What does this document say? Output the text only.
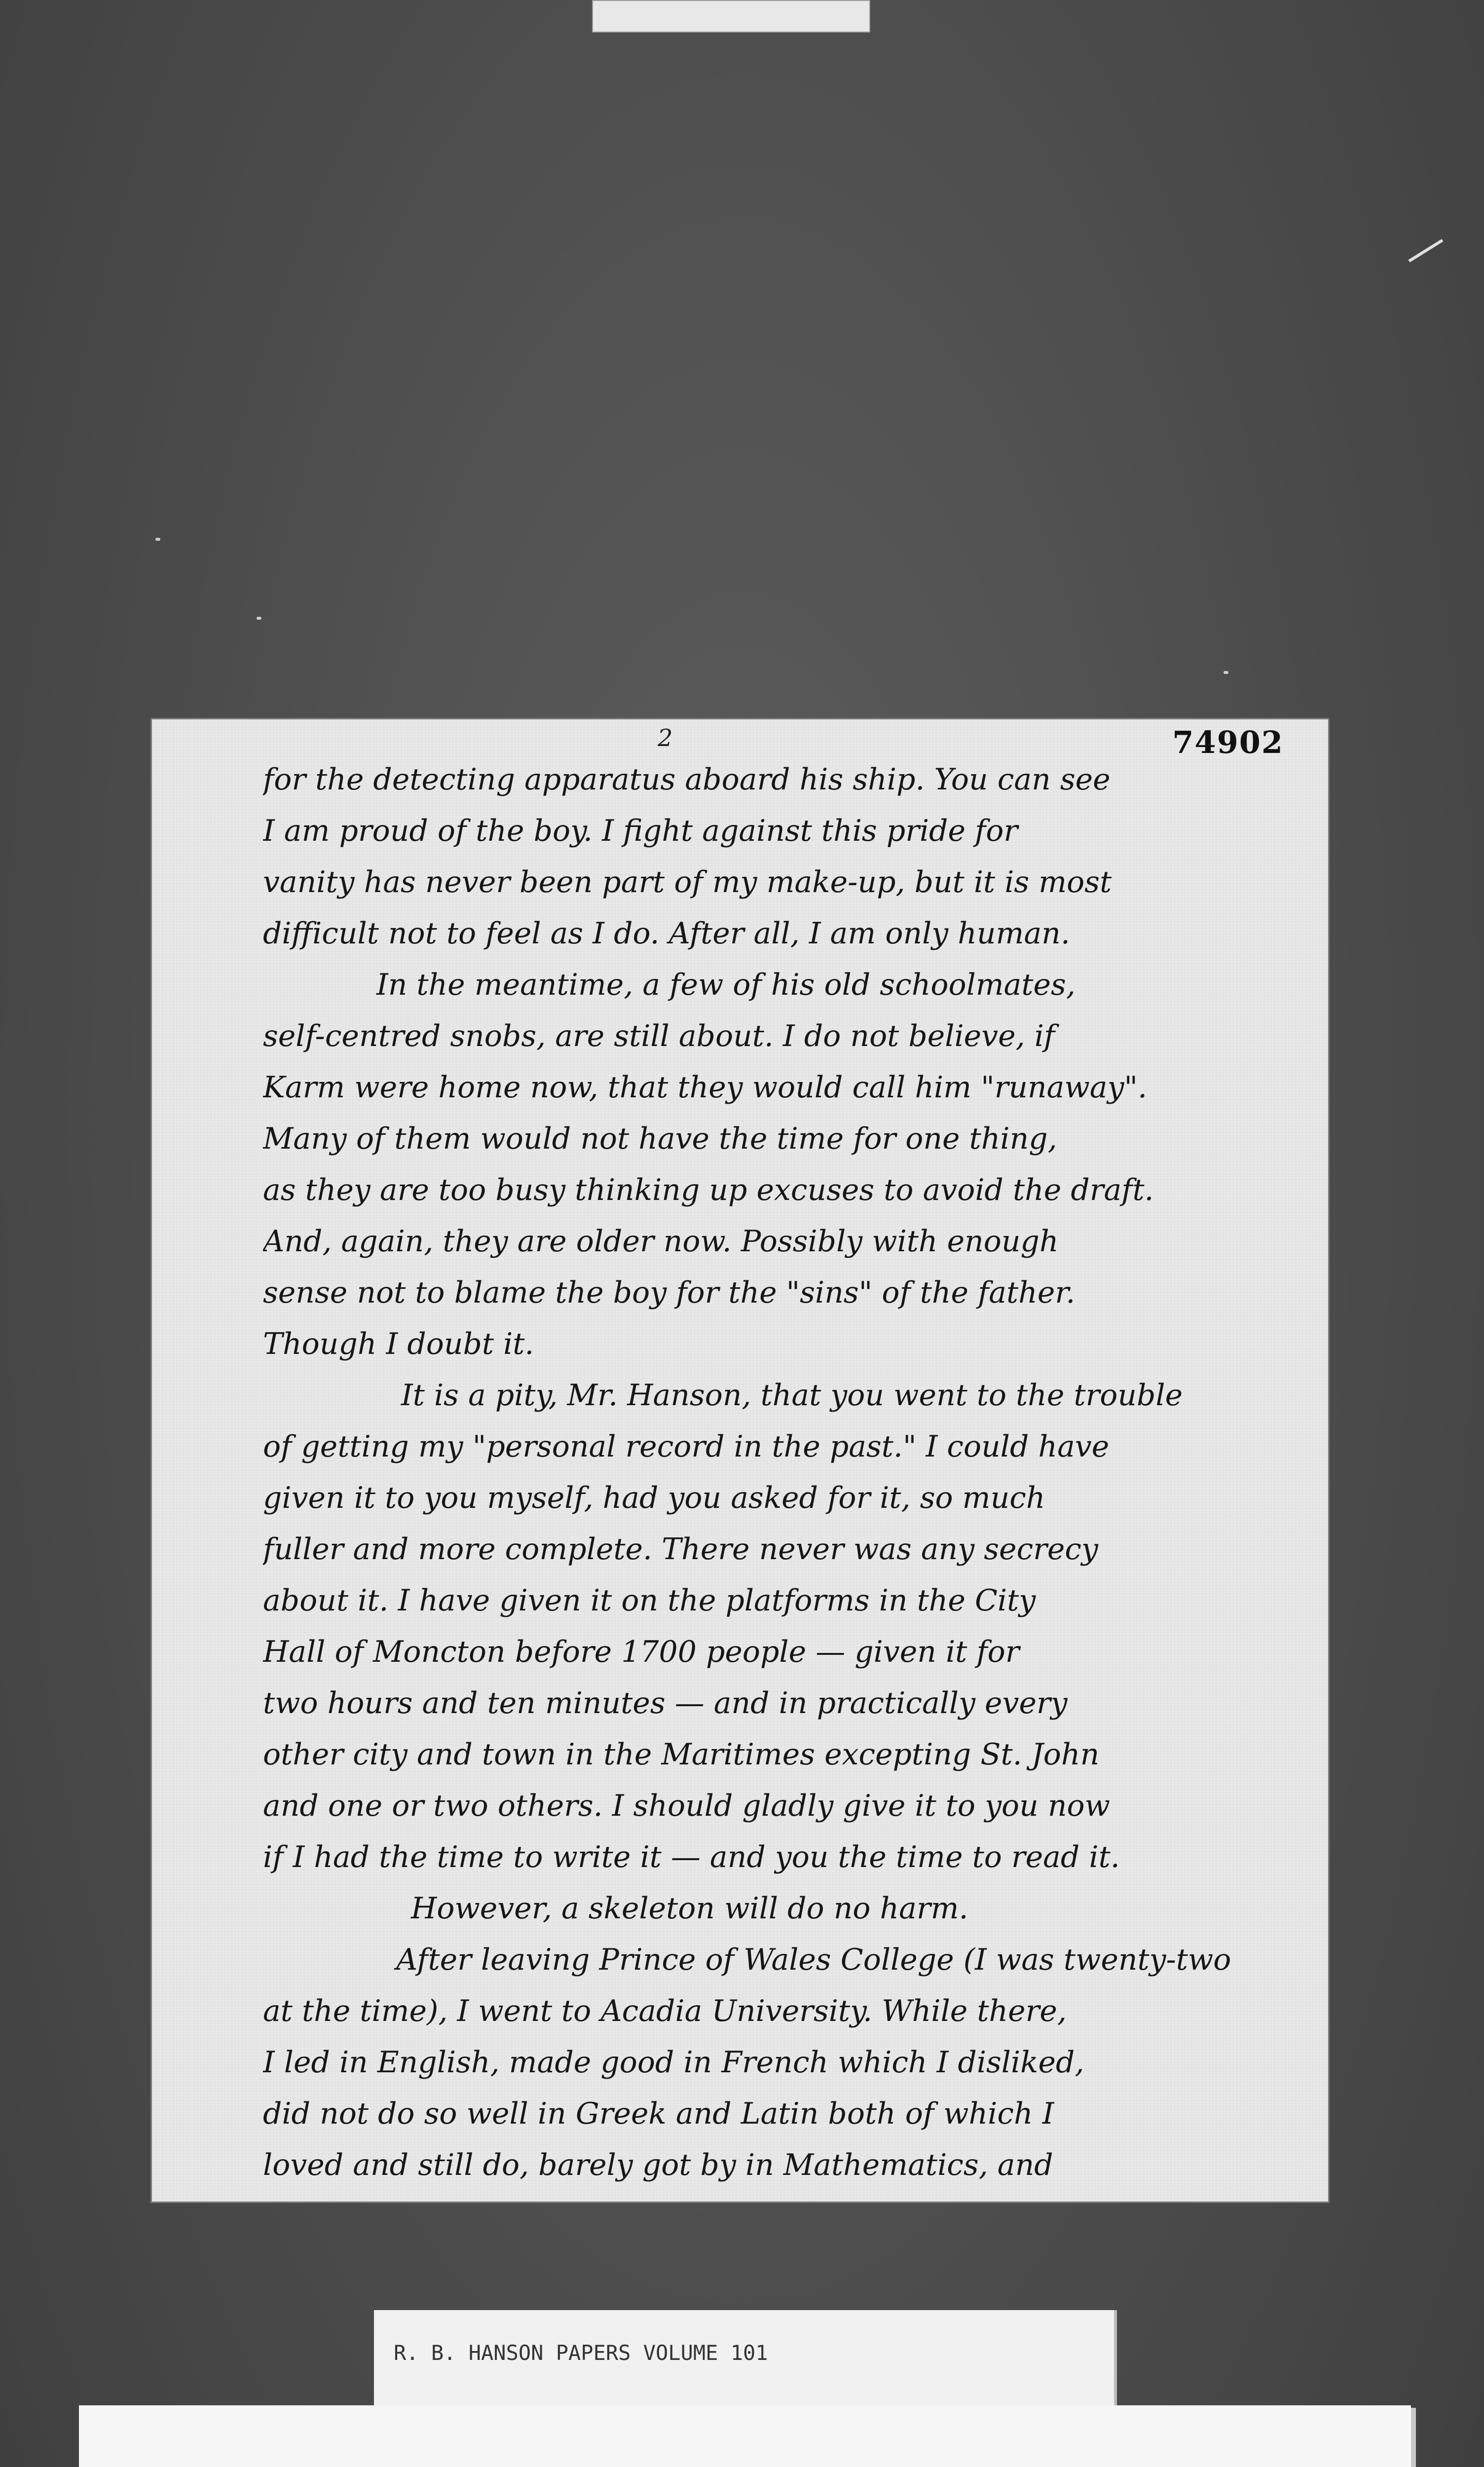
2	74902
for the detecting apparatus aboard his ship. You can see
I am proud of the boy. I fight against this pride for
vanity has never been part of my make-up, but it is most
difficult not to feel as I do. After all, I am only human.
In the meantime, a few of his old schoolmates,
self-centred snobs, are still about. I do not believe, if
Karm were home now, that they would call him "runaway".
Many of them would not have the time for one thing,
as they are too busy thinking up excuses to avoid the draft.
And, again, they are older now. Possibly with enough
sense not to blame the boy for the "sins" of the father.
Though I doubt it.
It is a pity, Mr. Hanson, that you went to the trouble
of getting my "personal record in the past." I could have
given it to you myself, had you asked for it, so much
fuller and more complete. There never was any secrecy
about it. I have given it on the platforms in the City
Hall of Moncton before 1700 people — given it for
two hours and ten minutes — and in practically every
other city and town in the Maritimes excepting St. John
and one or two others. I should gladly give it to you now
if I had the time to write it — and you the time to read it.
However, a skeleton will do no harm.
After leaving Prince of Wales College (I was twenty-two
at the time), I went to Acadia University. While there,
I led in English, made good in French which I disliked,
did not do so well in Greek and Latin both of which I
loved and still do, barely got by in Mathematics, and
R. B. HANSON PAPERS VOLUME 101
